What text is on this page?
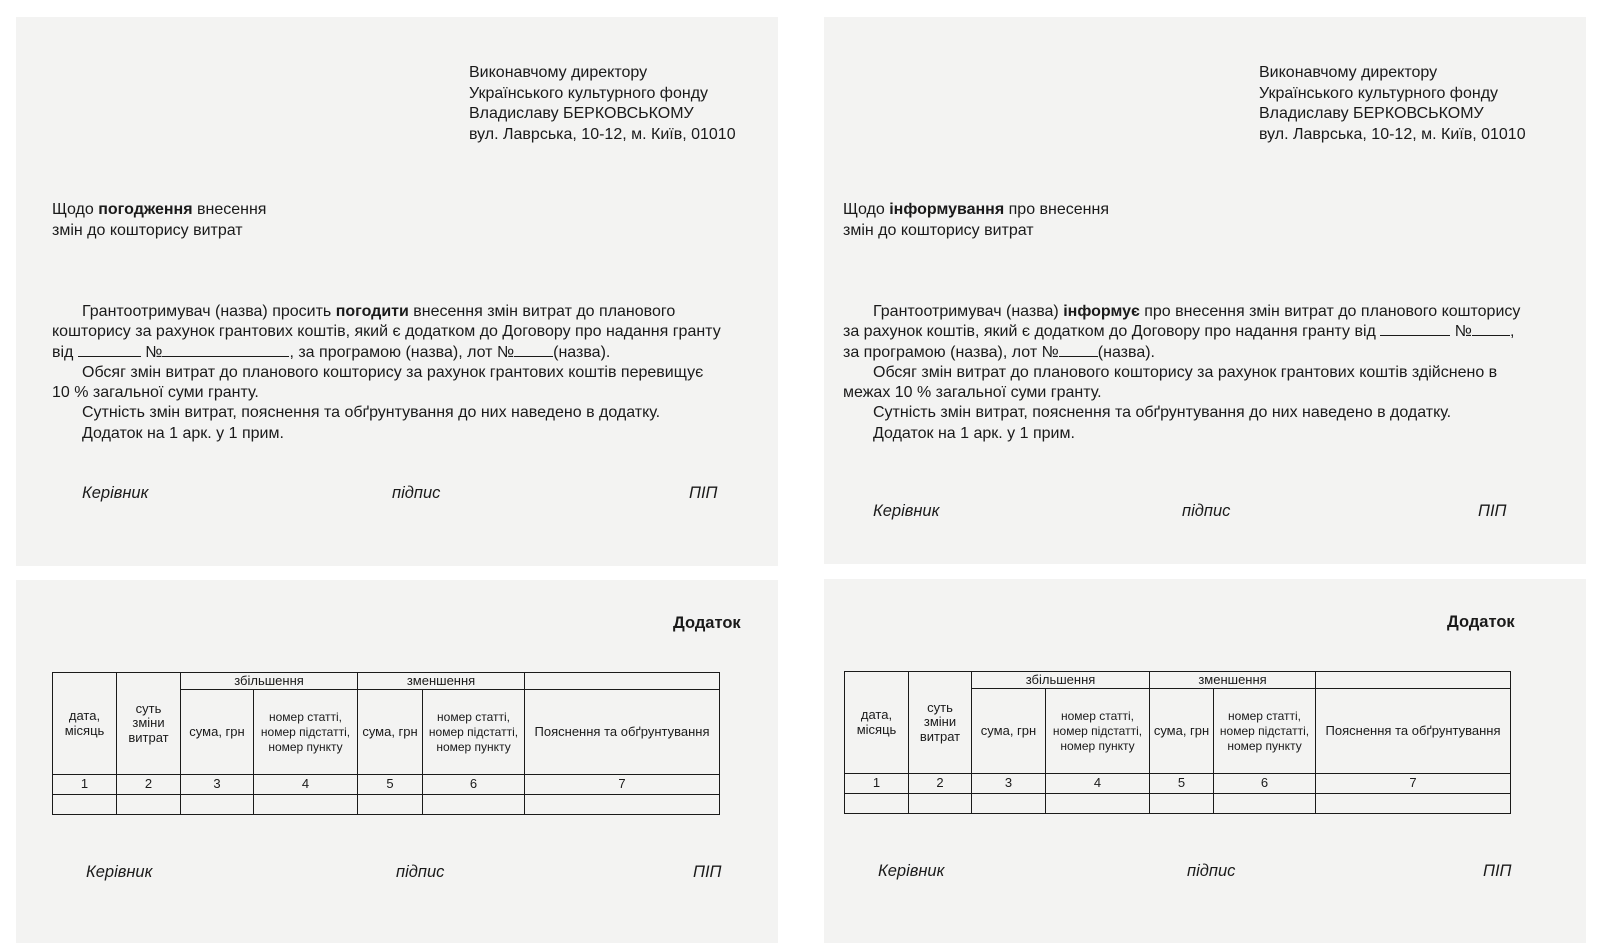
Виконавчому директору
Українського культурного фонду
Владиславу БЕРКОВСЬКОМУ
вул. Лаврська, 10-12, м. Київ, 01010
Щодо погодження внесення
змін до кошторису витрат

Грантоотримувач (назва) просить погодити внесення змін витрат до планового кошторису за рахунок грантових коштів, який є додатком до Договору про надання гранту від	№	, за програмою (назва), лот № (назва).

Обсяг змін витрат до планового кошторису за рахунок грантових коштів перевищує 10 % загальної суми гранту.

Сутність змін витрат, пояснення та обґрунтування до них наведено в додатку.

Додаток на 1 арк. у 1 прим.

Керівник	підпис	ПІП
Виконавчому директору
Українського культурного фонду
Владиславу БЕРКОВСЬКОМУ
вул. Лаврська, 10-12, м. Київ, 01010
Щодо інформування про внесення
змін до кошторису витрат

Грантоотримувач (назва) інформує про внесення змін витрат до планового кошторису за рахунок коштів, який є додатком до Договору про надання гранту від	№ , за програмою (назва), лот № (назва).

Обсяг змін витрат до планового кошторису за рахунок грантових коштів здійснено в межах 10 % загальної суми гранту.

Сутність змін витрат, пояснення та обґрунтування до них наведено в додатку.

Додаток на 1 арк. у 1 прим.

Керівник	підпис	ПІП
Додаток
дата, місяць	суть зміни витрат	збільшення		зменшення		
		сума, грн	номер статті, номер підстатті, номер пункту	сума, грн	номер статті, номер підстатті, номер пункту	Пояснення та обґрунтування
1	2	3	4	5	6	7

Керівник	підпис	ПІП
Додаток
дата, місяць	суть зміни витрат	збільшення		зменшення		
		сума, грн	номер статті, номер підстатті, номер пункту	сума, грн	номер статті, номер підстатті, номер пункту	Пояснення та обґрунтування
1	2	3	4	5	6	7

Керівник	підпис	ПІП
